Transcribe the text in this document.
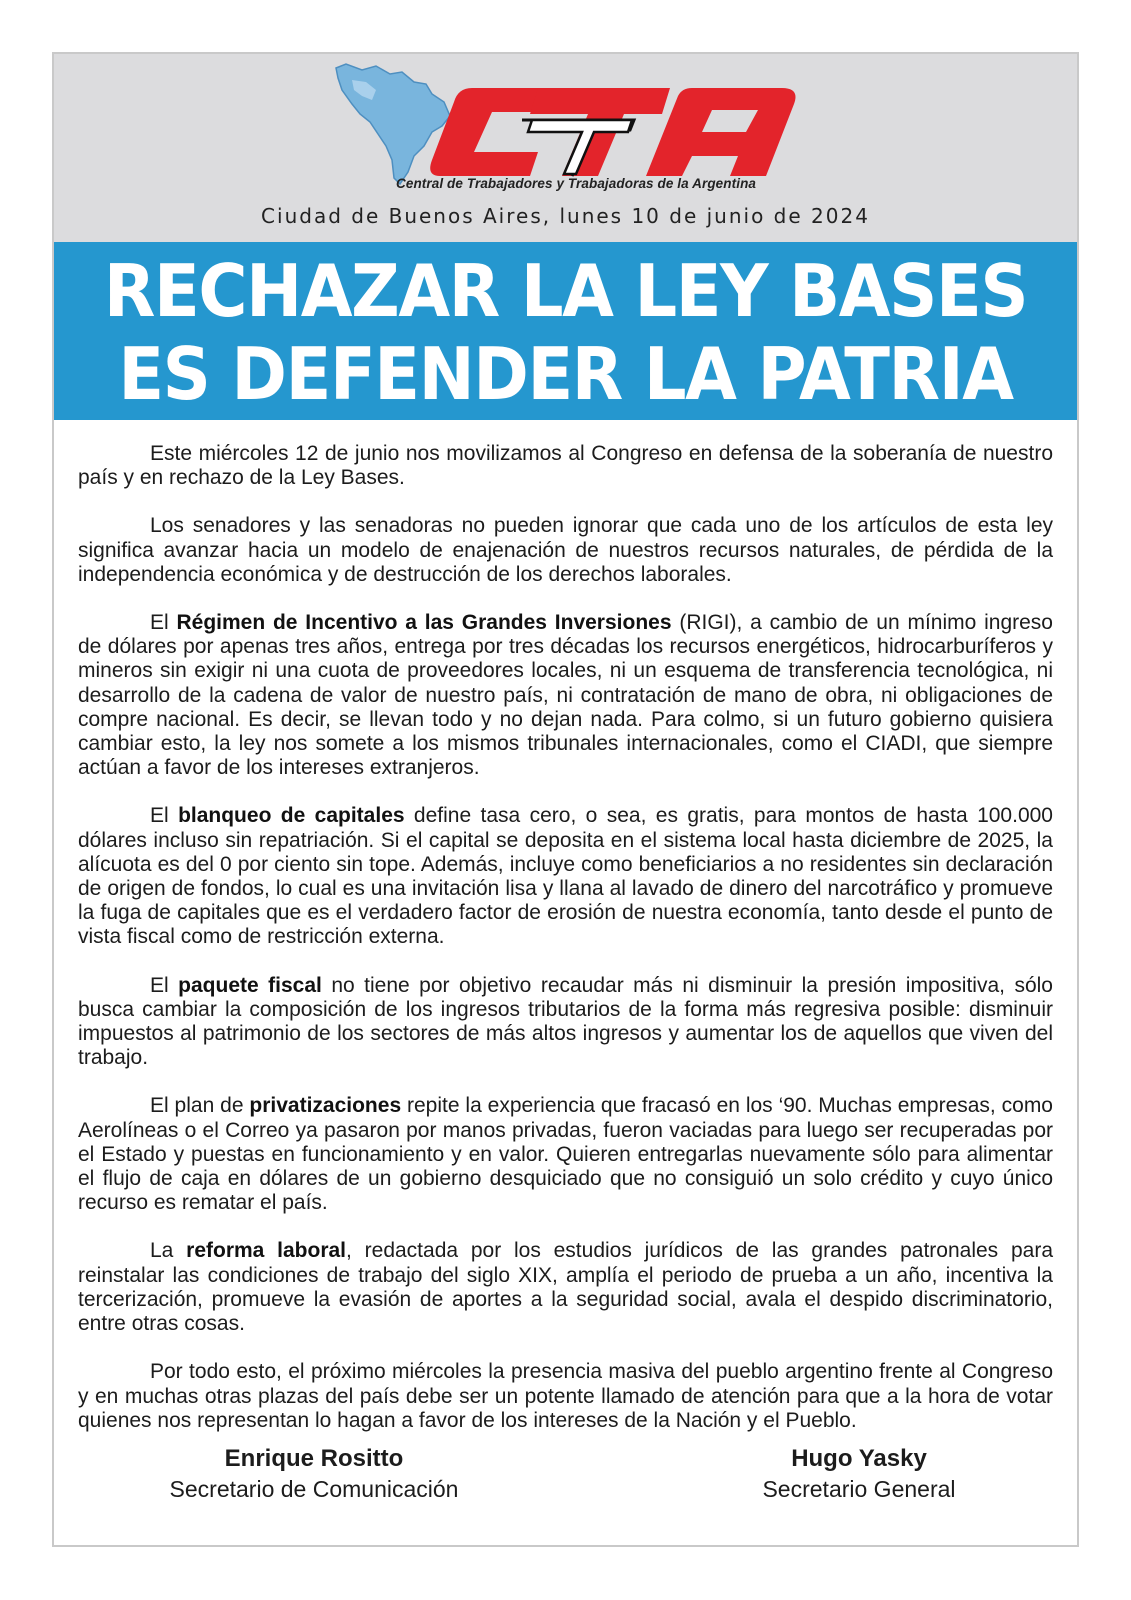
Central de Trabajadores y Trabajadoras de la Argentina
Ciudad de Buenos Aires, lunes 10 de junio de 2024
RECHAZAR LA LEY BASES
ES DEFENDER LA PATRIA

Este miércoles 12 de junio nos movilizamos al Congreso en defensa de la soberanía de nuestro país y en rechazo de la Ley Bases.

Los senadores y las senadoras no pueden ignorar que cada uno de los artículos de esta ley significa avanzar hacia un modelo de enajenación de nuestros recursos naturales, de pérdida de la independencia económica y de destrucción de los derechos laborales.

El Régimen de Incentivo a las Grandes Inversiones (RIGI), a cambio de un mínimo ingreso de dólares por apenas tres años, entrega por tres décadas los recursos energéticos, hidrocarburíferos y mineros sin exigir ni una cuota de proveedores locales, ni un esquema de transferencia tecnológica, ni desarrollo de la cadena de valor de nuestro país, ni contratación de mano de obra, ni obligaciones de compre nacional. Es decir, se llevan todo y no dejan nada. Para colmo, si un futuro gobierno quisiera cambiar esto, la ley nos somete a los mismos tribunales internacionales, como el CIADI, que siempre actúan a favor de los intereses extranjeros.

El blanqueo de capitales define tasa cero, o sea, es gratis, para montos de hasta 100.000 dólares incluso sin repatriación. Si el capital se deposita en el sistema local hasta diciembre de 2025, la alícuota es del 0 por ciento sin tope. Además, incluye como beneficiarios a no residentes sin declaración de origen de fondos, lo cual es una invitación lisa y llana al lavado de dinero del narcotráfico y promueve la fuga de capitales que es el verdadero factor de erosión de nuestra economía, tanto desde el punto de vista fiscal como de restricción externa.

El paquete fiscal no tiene por objetivo recaudar más ni disminuir la presión impositiva, sólo busca cambiar la composición de los ingresos tributarios de la forma más regresiva posible: disminuir impuestos al patrimonio de los sectores de más altos ingresos y aumentar los de aquellos que viven del trabajo.

El plan de privatizaciones repite la experiencia que fracasó en los ‘90. Muchas empresas, como Aerolíneas o el Correo ya pasaron por manos privadas, fueron vaciadas para luego ser recuperadas por el Estado y puestas en funcionamiento y en valor. Quieren entregarlas nuevamente sólo para alimentar el flujo de caja en dólares de un gobierno desquiciado que no consiguió un solo crédito y cuyo único recurso es rematar el país.

La reforma laboral, redactada por los estudios jurídicos de las grandes patronales para reinstalar las condiciones de trabajo del siglo XIX, amplía el periodo de prueba a un año, incentiva la tercerización, promueve la evasión de aportes a la seguridad social, avala el despido discriminatorio, entre otras cosas.

Por todo esto, el próximo miércoles la presencia masiva del pueblo argentino frente al Congreso y en muchas otras plazas del país debe ser un potente llamado de atención para que a la hora de votar quienes nos representan lo hagan a favor de los intereses de la Nación y el Pueblo.

Enrique Rositto
Secretario de Comunicación
Hugo Yasky
Secretario General
